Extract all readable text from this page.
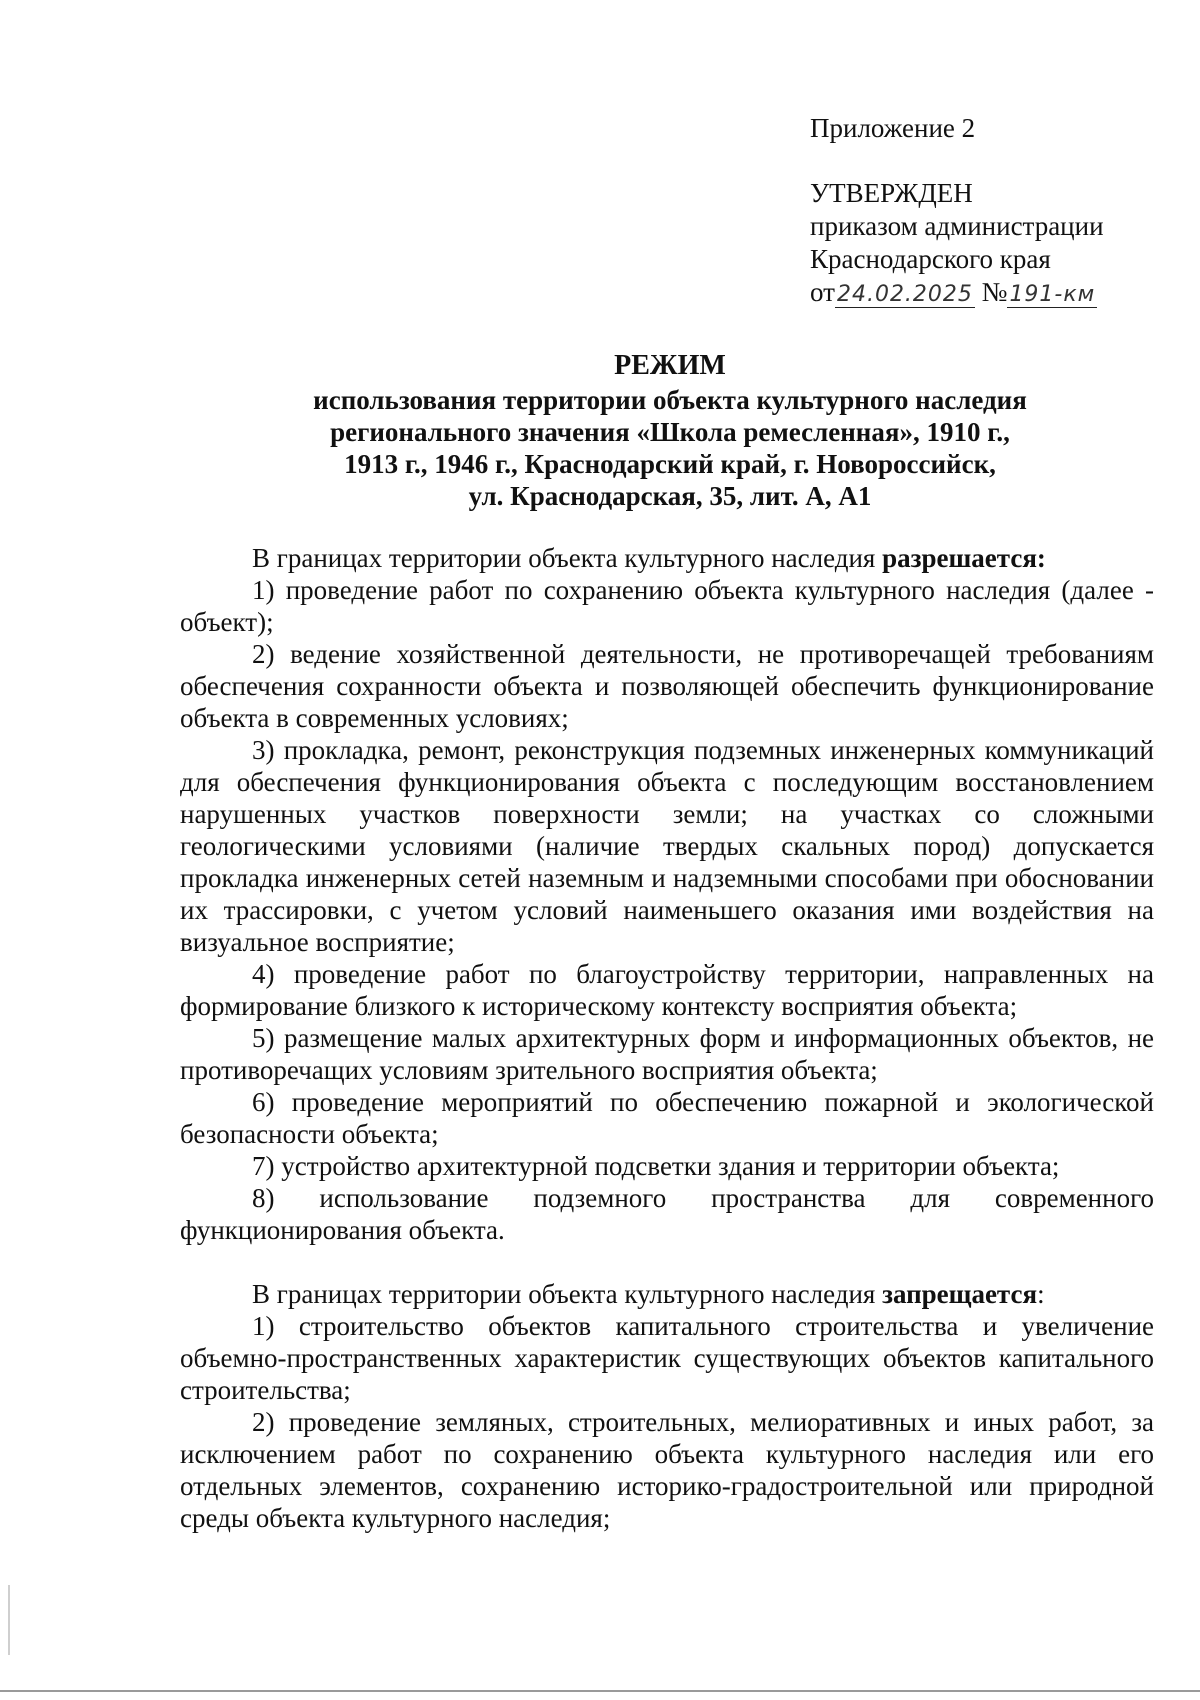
Приложение 2
УТВЕРЖДЕН
приказом администрации
Краснодарского края
от24.02.2025 №191-км
РЕЖИМ
использования территории объекта культурного наследия
регионального значения «Школа ремесленная», 1910 г.,
1913 г., 1946 г., Краснодарский край, г. Новороссийск,
ул. Краснодарская, 35, лит. А, А1

В границах территории объекта культурного наследия разрешается:

1) проведение работ по сохранению объекта культурного наследия (далее - объект);

2) ведение хозяйственной деятельности, не противоречащей требованиям обеспечения сохранности объекта и позволяющей обеспечить функционирование объекта в современных условиях;

3) прокладка, ремонт, реконструкция подземных инженерных коммуникаций для обеспечения функционирования объекта с последующим восстановлением нарушенных участков поверхности земли; на участках со сложными геологическими условиями (наличие твердых скальных пород) допускается прокладка инженерных сетей наземным и надземными способами при обосновании их трассировки, с учетом условий наименьшего оказания ими воздействия на визуальное восприятие;

4) проведение работ по благоустройству территории, направленных на формирование близкого к историческому контексту восприятия объекта;

5) размещение малых архитектурных форм и информационных объектов, не противоречащих условиям зрительного восприятия объекта;

6) проведение мероприятий по обеспечению пожарной и экологической безопасности объекта;

7) устройство архитектурной подсветки здания и территории объекта;

8) использование подземного пространства для современного функционирования объекта.

В границах территории объекта культурного наследия запрещается:

1) строительство объектов капитального строительства и увеличение объемно-пространственных характеристик существующих объектов капитального строительства;

2) проведение земляных, строительных, мелиоративных и иных работ, за исключением работ по сохранению объекта культурного наследия или его отдельных элементов, сохранению историко-градостроительной или природной среды объекта культурного наследия;
